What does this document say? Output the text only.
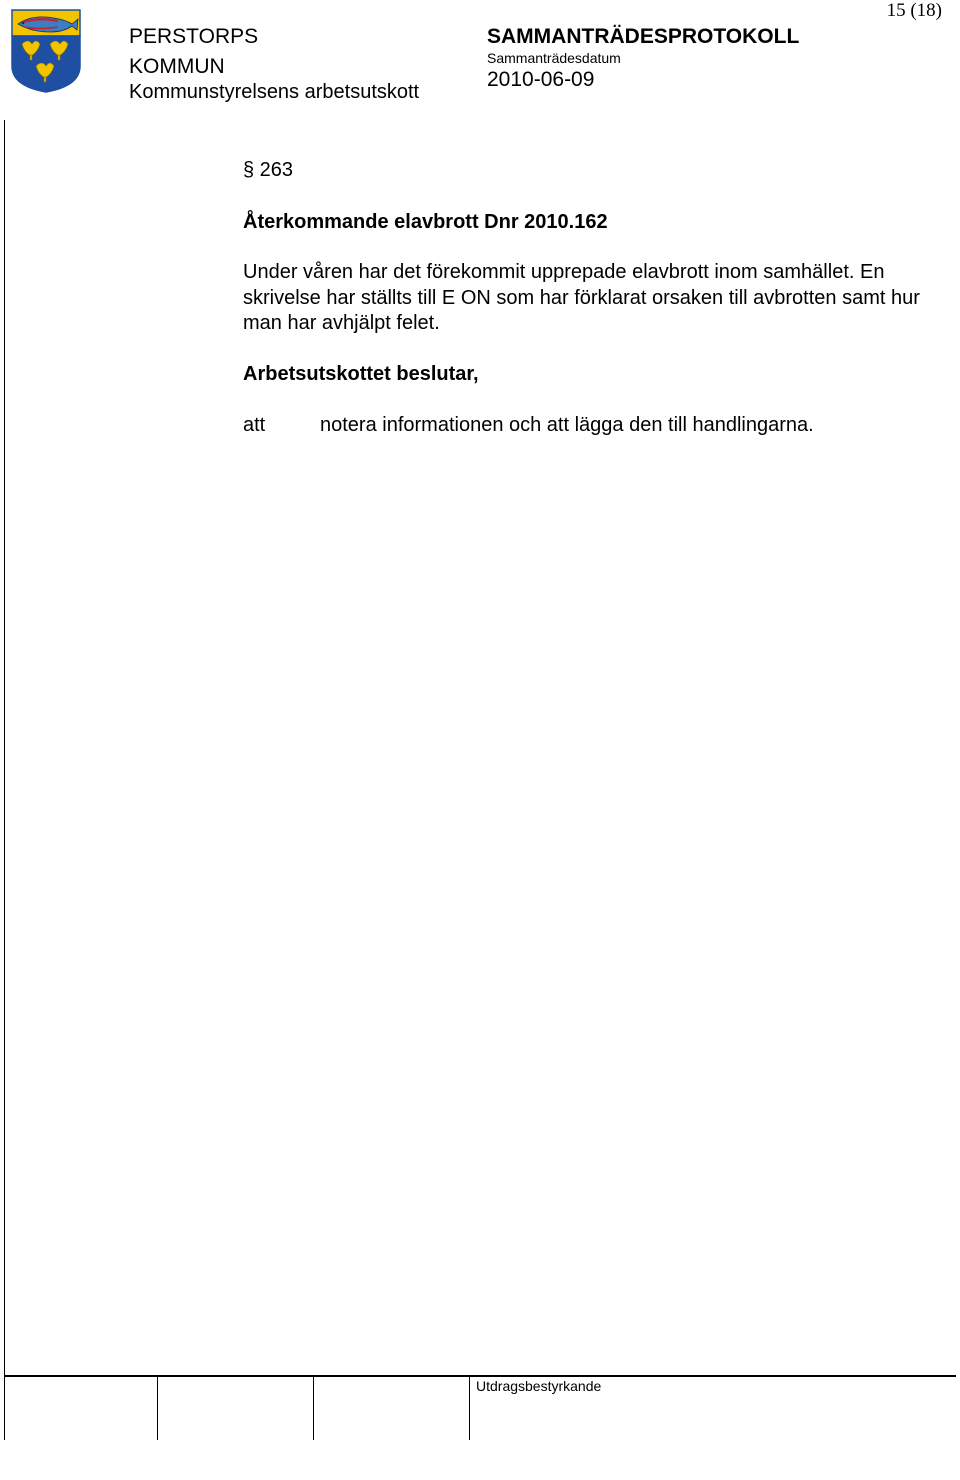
15 (18)
PERSTORPS
KOMMUN
Kommunstyrelsens arbetsutskott
SAMMANTRÄDESPROTOKOLL
Sammanträdesdatum
2010-06-09
Utdragsbestyrkande

§ 263

Återkommande elavbrott Dnr 2010.162

Under våren har det förekommit upprepade elavbrott inom samhället. En skrivelse har ställts till E ON som har förklarat orsaken till avbrotten samt hur man har avhjälpt felet.

Arbetsutskottet beslutar,

att	notera informationen och att lägga den till handlingarna.
